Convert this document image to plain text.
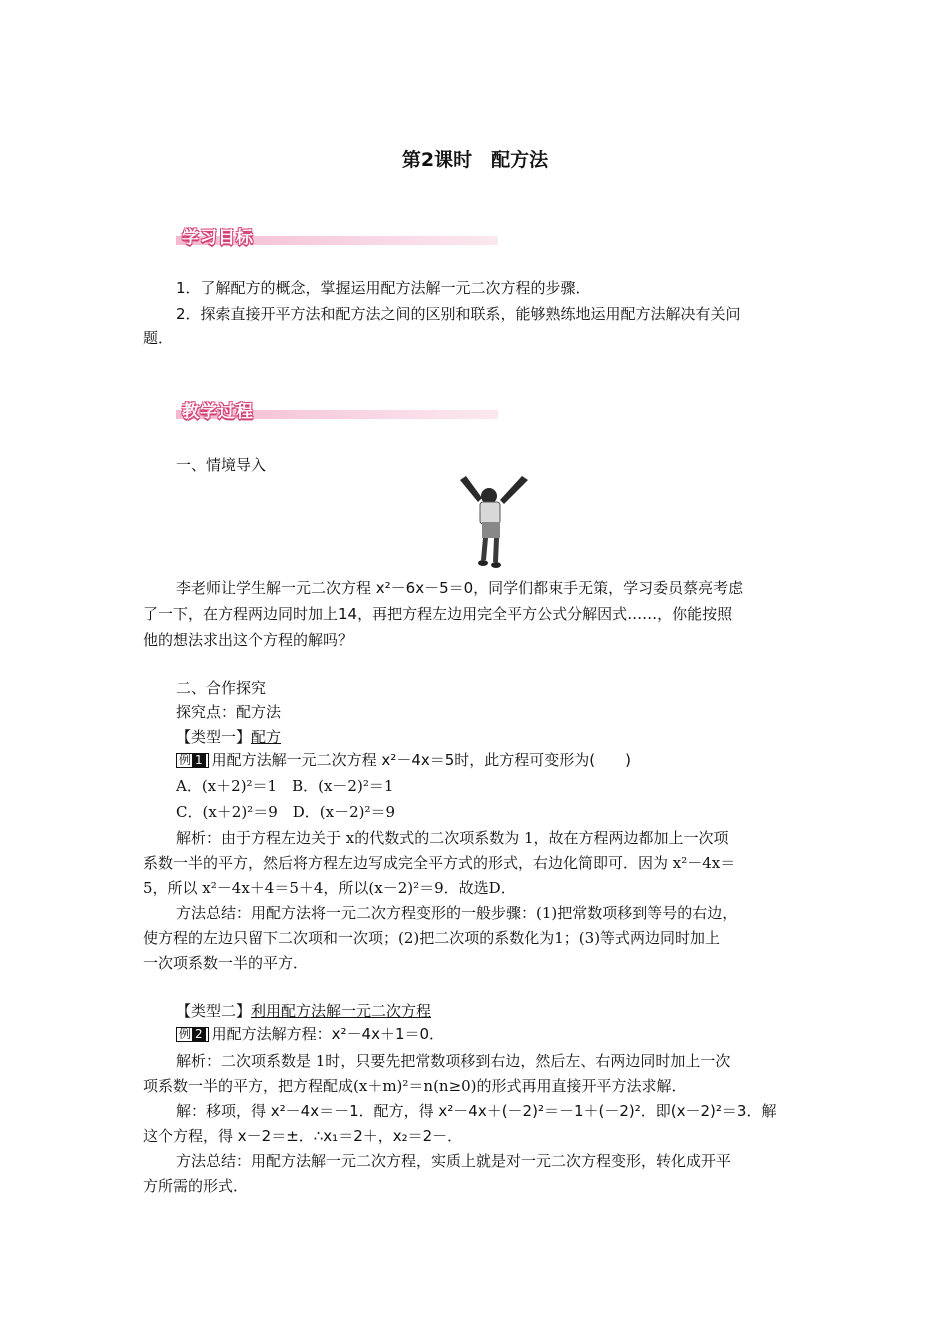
第2课时　配方法
学习目标
1．了解配方的概念，掌握运用配方法解一元二次方程的步骤．
2．探索直接开平方法和配方法之间的区别和联系，能够熟练地运用配方法解决有关问
题．
教学过程
一、情境导入
李老师让学生解一元二次方程 x²－6x－5＝0，同学们都束手无策，学习委员蔡亮考虑
了一下，在方程两边同时加上14，再把方程左边用完全平方公式分解因式……，你能按照
他的想法求出这个方程的解吗？
二、合作探究
探究点：配方法
【类型一】配方
例 1 用配方法解一元二次方程 x²－4x＝5时，此方程可变形为(　　)
A．(x＋2)²＝1　B．(x－2)²＝1
C．(x＋2)²＝9　D．(x－2)²＝9
解析：由于方程左边关于 x的代数式的二次项系数为 1，故在方程两边都加上一次项
系数一半的平方，然后将方程左边写成完全平方式的形式，右边化简即可．因为 x²－4x＝
5，所以 x²－4x＋4＝5＋4，所以(x－2)²＝9．故选D．
方法总结：用配方法将一元二次方程变形的一般步骤：(1)把常数项移到等号的右边，
使方程的左边只留下二次项和一次项；(2)把二次项的系数化为1；(3)等式两边同时加上
一次项系数一半的平方．
【类型二】利用配方法解一元二次方程
例 2 用配方法解方程：x²－4x＋1＝0．
解析：二次项系数是 1时，只要先把常数项移到右边，然后左、右两边同时加上一次
项系数一半的平方，把方程配成(x＋m)²＝n(n≥0)的形式再用直接开平方法求解．
解：移项，得 x²－4x＝－1．配方，得 x²－4x＋(－2)²＝－1＋(－2)²．即(x－2)²＝3．解
这个方程，得 x－2＝±．∴x₁＝2＋，x₂＝2－．
方法总结：用配方法解一元二次方程，实质上就是对一元二次方程变形，转化成开平
方所需的形式．
